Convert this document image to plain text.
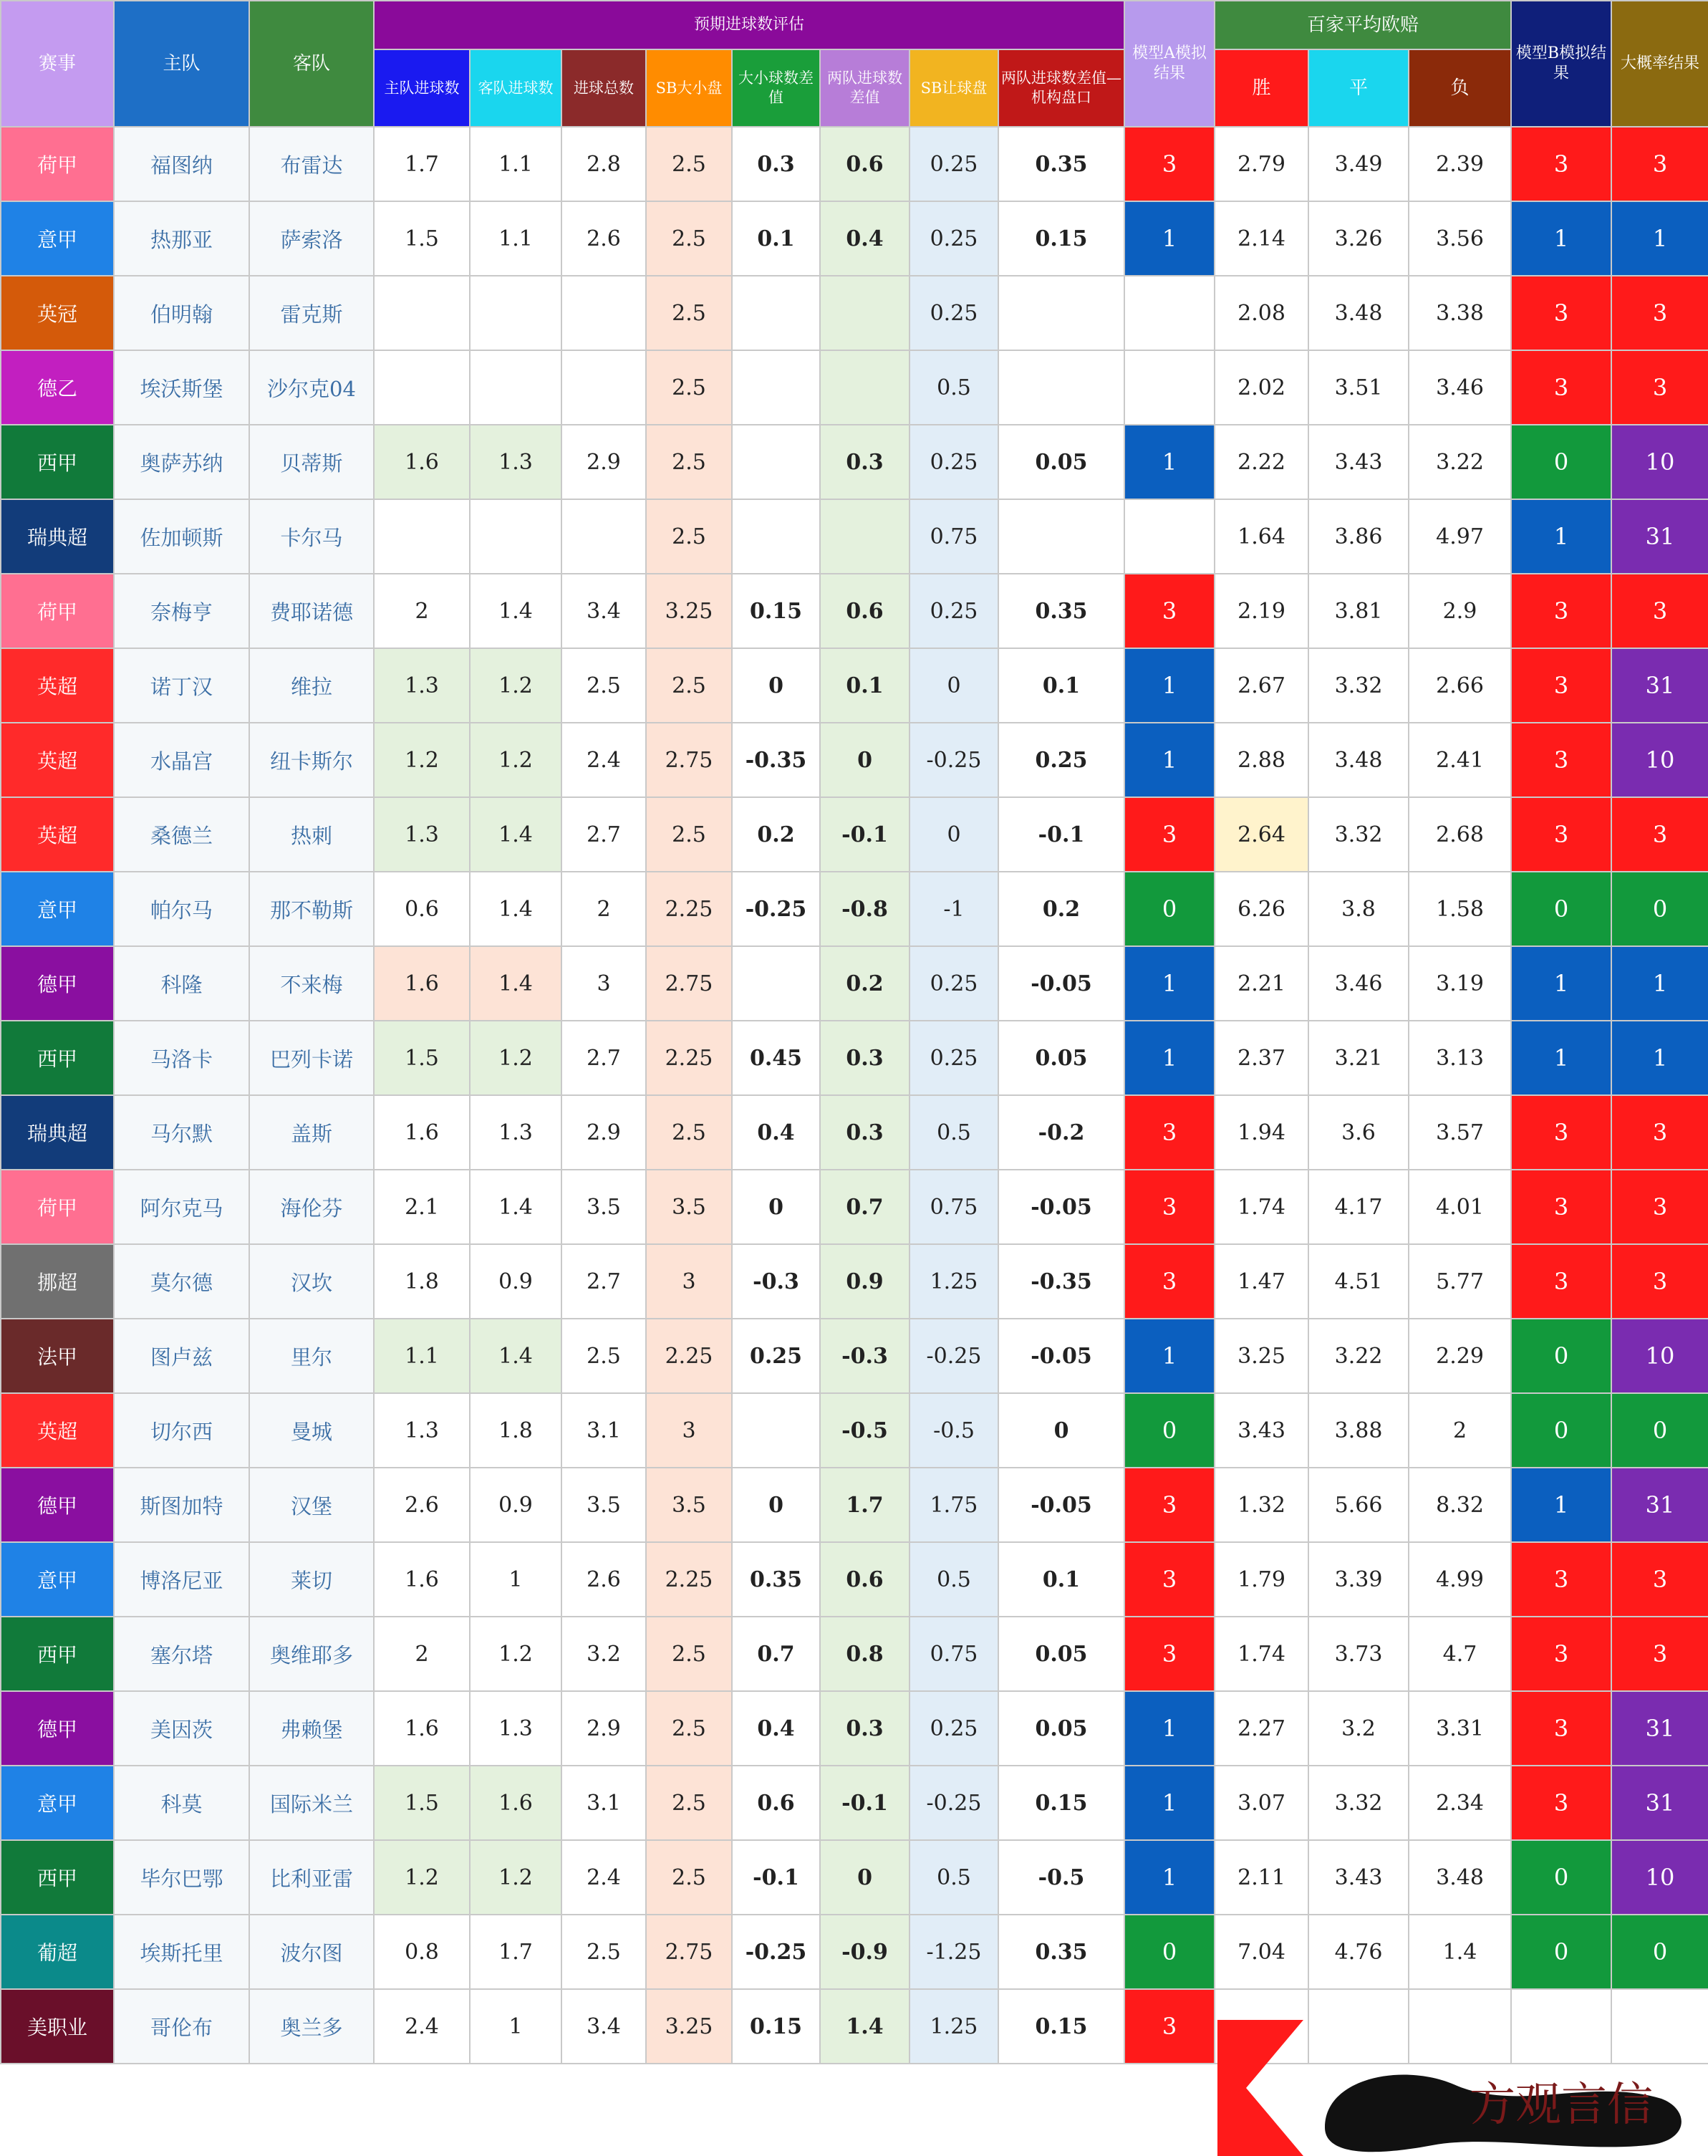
赛事	主队	客队	预期进球数评估								模型A模拟结果	百家平均欧赔			模型B模拟结果	大概率结果
			主队进球数	客队进球数	进球总数	SB大小盘	大小球数差值	两队进球数差值	SB让球盘	两队进球数差值—机构盘口		胜	平	负		
荷甲	福图纳	布雷达	1.7	1.1	2.8	2.5	0.3	0.6	0.25	0.35	3	2.79	3.49	2.39	3	3
意甲	热那亚	萨索洛	1.5	1.1	2.6	2.5	0.1	0.4	0.25	0.15	1	2.14	3.26	3.56	1	1
英冠	伯明翰	雷克斯				2.5			0.25			2.08	3.48	3.38	3	3
德乙	埃沃斯堡	沙尔克04				2.5			0.5			2.02	3.51	3.46	3	3
西甲	奥萨苏纳	贝蒂斯	1.6	1.3	2.9	2.5		0.3	0.25	0.05	1	2.22	3.43	3.22	0	10
瑞典超	佐加顿斯	卡尔马				2.5			0.75			1.64	3.86	4.97	1	31
荷甲	奈梅亨	费耶诺德	2	1.4	3.4	3.25	0.15	0.6	0.25	0.35	3	2.19	3.81	2.9	3	3
英超	诺丁汉	维拉	1.3	1.2	2.5	2.5	0	0.1	0	0.1	1	2.67	3.32	2.66	3	31
英超	水晶宫	纽卡斯尔	1.2	1.2	2.4	2.75	-0.35	0	-0.25	0.25	1	2.88	3.48	2.41	3	10
英超	桑德兰	热刺	1.3	1.4	2.7	2.5	0.2	-0.1	0	-0.1	3	2.64	3.32	2.68	3	3
意甲	帕尔马	那不勒斯	0.6	1.4	2	2.25	-0.25	-0.8	-1	0.2	0	6.26	3.8	1.58	0	0
德甲	科隆	不来梅	1.6	1.4	3	2.75		0.2	0.25	-0.05	1	2.21	3.46	3.19	1	1
西甲	马洛卡	巴列卡诺	1.5	1.2	2.7	2.25	0.45	0.3	0.25	0.05	1	2.37	3.21	3.13	1	1
瑞典超	马尔默	盖斯	1.6	1.3	2.9	2.5	0.4	0.3	0.5	-0.2	3	1.94	3.6	3.57	3	3
荷甲	阿尔克马	海伦芬	2.1	1.4	3.5	3.5	0	0.7	0.75	-0.05	3	1.74	4.17	4.01	3	3
挪超	莫尔德	汉坎	1.8	0.9	2.7	3	-0.3	0.9	1.25	-0.35	3	1.47	4.51	5.77	3	3
法甲	图卢兹	里尔	1.1	1.4	2.5	2.25	0.25	-0.3	-0.25	-0.05	1	3.25	3.22	2.29	0	10
英超	切尔西	曼城	1.3	1.8	3.1	3		-0.5	-0.5	0	0	3.43	3.88	2	0	0
德甲	斯图加特	汉堡	2.6	0.9	3.5	3.5	0	1.7	1.75	-0.05	3	1.32	5.66	8.32	1	31
意甲	博洛尼亚	莱切	1.6	1	2.6	2.25	0.35	0.6	0.5	0.1	3	1.79	3.39	4.99	3	3
西甲	塞尔塔	奥维耶多	2	1.2	3.2	2.5	0.7	0.8	0.75	0.05	3	1.74	3.73	4.7	3	3
德甲	美因茨	弗赖堡	1.6	1.3	2.9	2.5	0.4	0.3	0.25	0.05	1	2.27	3.2	3.31	3	31
意甲	科莫	国际米兰	1.5	1.6	3.1	2.5	0.6	-0.1	-0.25	0.15	1	3.07	3.32	2.34	3	31
西甲	毕尔巴鄂	比利亚雷	1.2	1.2	2.4	2.5	-0.1	0	0.5	-0.5	1	2.11	3.43	3.48	0	10
葡超	埃斯托里	波尔图	0.8	1.7	2.5	2.75	-0.25	-0.9	-1.25	0.35	0	7.04	4.76	1.4	0	0
美职业	哥伦布	奥兰多	2.4	1	3.4	3.25	0.15	1.4	1.25	0.15	3					
方观言信
